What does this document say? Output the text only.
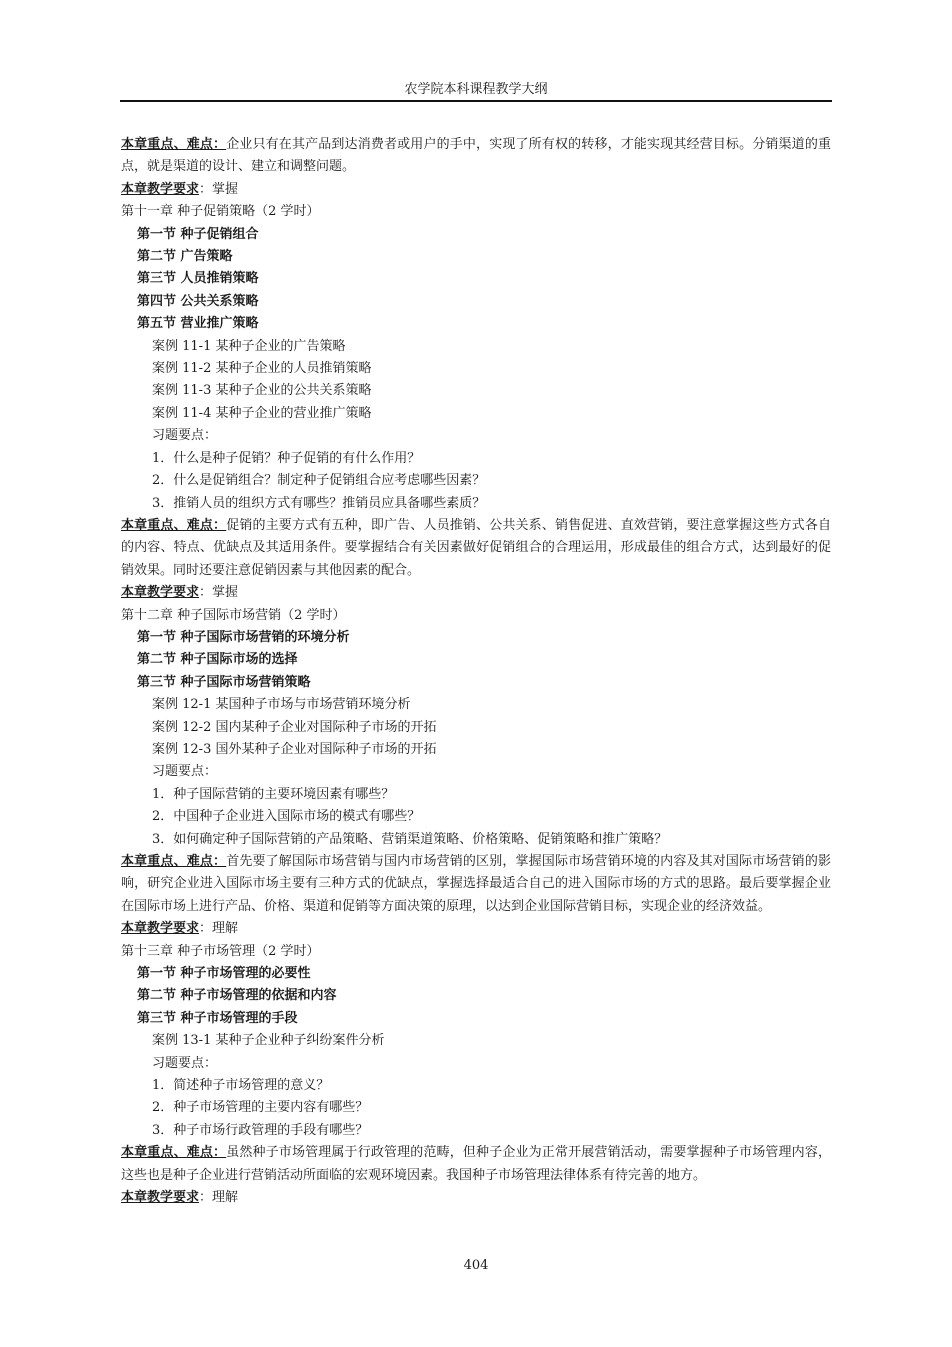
农学院本科课程教学大纲
本章重点、难点：企业只有在其产品到达消费者或用户的手中，实现了所有权的转移，才能实现其经营目标。分销渠道的重点，就是渠道的设计、建立和调整问题。
本章教学要求：掌握
第十一章 种子促销策略（2 学时）
第一节 种子促销组合
第二节 广告策略
第三节 人员推销策略
第四节 公共关系策略
第五节 营业推广策略
案例 11-1 某种子企业的广告策略
案例 11-2 某种子企业的人员推销策略
案例 11-3 某种子企业的公共关系策略
案例 11-4 某种子企业的营业推广策略
习题要点：
1．什么是种子促销？种子促销的有什么作用？
2．什么是促销组合？制定种子促销组合应考虑哪些因素？
3．推销人员的组织方式有哪些？推销员应具备哪些素质？
本章重点、难点：促销的主要方式有五种，即广告、人员推销、公共关系、销售促进、直效营销，要注意掌握这些方式各自的内容、特点、优缺点及其适用条件。要掌握结合有关因素做好促销组合的合理运用，形成最佳的组合方式，达到最好的促销效果。同时还要注意促销因素与其他因素的配合。
本章教学要求：掌握
第十二章 种子国际市场营销（2 学时）
第一节 种子国际市场营销的环境分析
第二节 种子国际市场的选择
第三节 种子国际市场营销策略
案例 12-1 某国种子市场与市场营销环境分析
案例 12-2 国内某种子企业对国际种子市场的开拓
案例 12-3 国外某种子企业对国际种子市场的开拓
习题要点：
1．种子国际营销的主要环境因素有哪些？
2．中国种子企业进入国际市场的模式有哪些？
3．如何确定种子国际营销的产品策略、营销渠道策略、价格策略、促销策略和推广策略？
本章重点、难点：首先要了解国际市场营销与国内市场营销的区别，掌握国际市场营销环境的内容及其对国际市场营销的影响，研究企业进入国际市场主要有三种方式的优缺点，掌握选择最适合自己的进入国际市场的方式的思路。最后要掌握企业在国际市场上进行产品、价格、渠道和促销等方面决策的原理，以达到企业国际营销目标，实现企业的经济效益。
本章教学要求：理解
第十三章 种子市场管理（2 学时）
第一节 种子市场管理的必要性
第二节 种子市场管理的依据和内容
第三节 种子市场管理的手段
案例 13-1 某种子企业种子纠纷案件分析
习题要点：
1．简述种子市场管理的意义？
2．种子市场管理的主要内容有哪些？
3．种子市场行政管理的手段有哪些？
本章重点、难点：虽然种子市场管理属于行政管理的范畴，但种子企业为正常开展营销活动，需要掌握种子市场管理内容，这些也是种子企业进行营销活动所面临的宏观环境因素。我国种子市场管理法律体系有待完善的地方。
本章教学要求：理解
404
